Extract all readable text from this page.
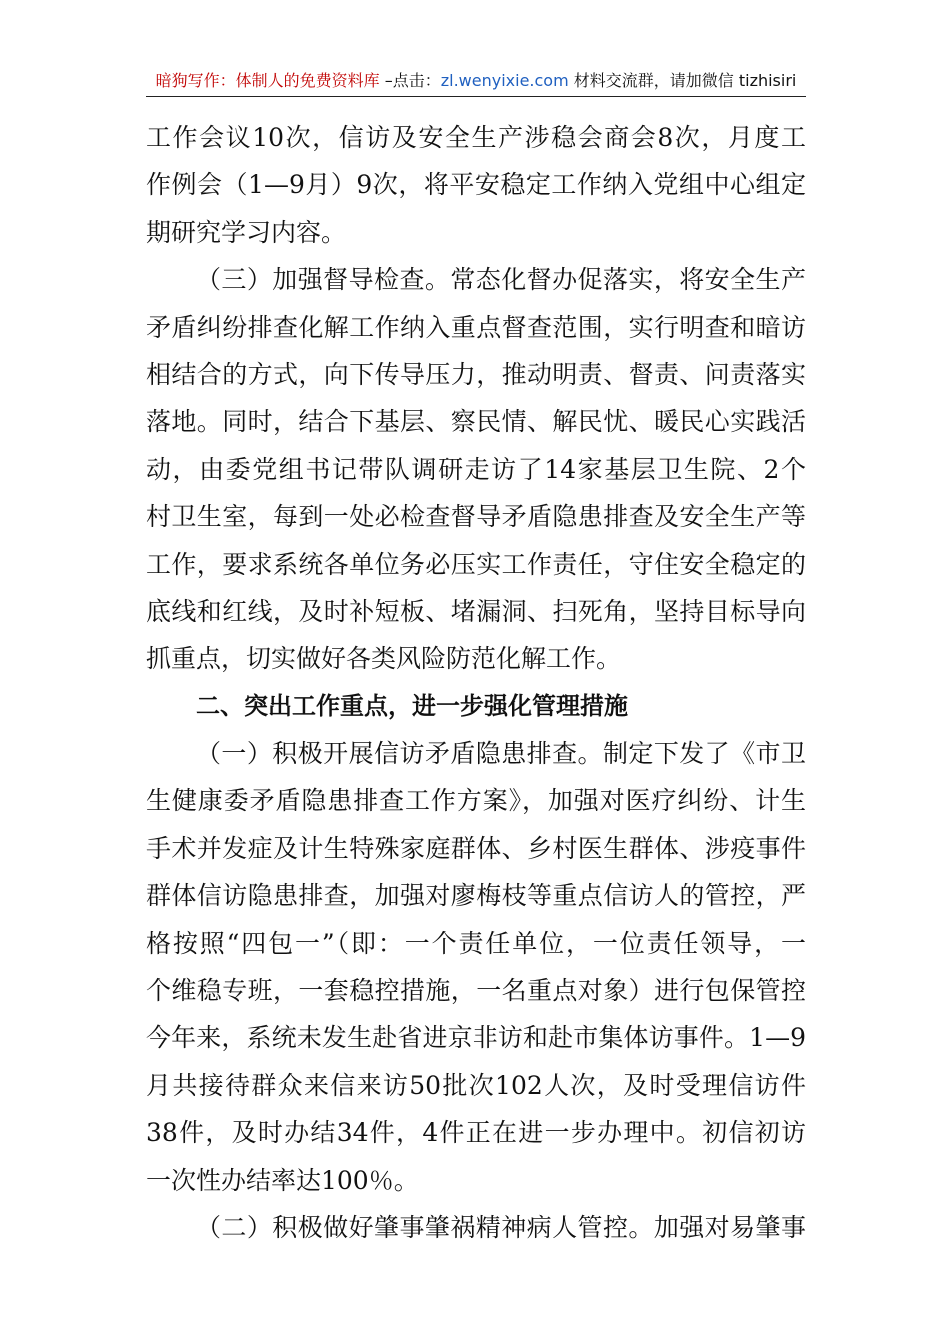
暗狗写作：体制人的免费资料库 –点击：zl.wenyixie.com 材料交流群，请加微信 tizhisiri
工作会议10次，信访及安全生产涉稳会商会8次，月度工
作例会（1—9月）9次，将平安稳定工作纳入党组中心组定
期研究学习内容。
（三）加强督导检查。常态化督办促落实，将安全生产
矛盾纠纷排查化解工作纳入重点督查范围，实行明查和暗访
相结合的方式，向下传导压力，推动明责、督责、问责落实
落地。同时，结合下基层、察民情、解民忧、暖民心实践活
动，由委党组书记带队调研走访了14家基层卫生院、2个
村卫生室，每到一处必检查督导矛盾隐患排查及安全生产等
工作，要求系统各单位务必压实工作责任，守住安全稳定的
底线和红线，及时补短板、堵漏洞、扫死角，坚持目标导向
抓重点，切实做好各类风险防范化解工作。
二、突出工作重点，进一步强化管理措施
（一）积极开展信访矛盾隐患排查。制定下发了《市卫
生健康委矛盾隐患排查工作方案》，加强对医疗纠纷、计生
手术并发症及计生特殊家庭群体、乡村医生群体、涉疫事件
群体信访隐患排查，加强对廖梅枝等重点信访人的管控，严
格按照“四包一”（即：一个责任单位，一位责任领导，一
个维稳专班，一套稳控措施，一名重点对象）进行包保管控
今年来，系统未发生赴省进京非访和赴市集体访事件。1—9
月共接待群众来信来访50批次102人次，及时受理信访件
38件，及时办结34件，4件正在进一步办理中。初信初访
一次性办结率达100％。
（二）积极做好肇事肇祸精神病人管控。加强对易肇事
